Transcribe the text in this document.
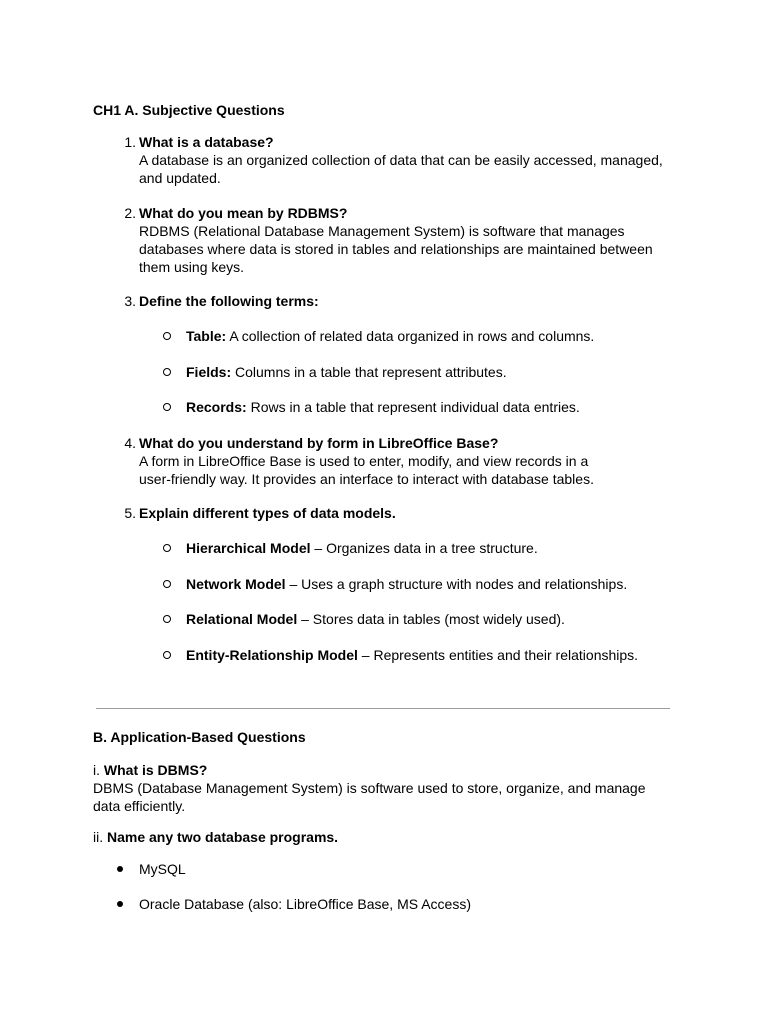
CH1 A. Subjective Questions
1. What is a database?
A database is an organized collection of data that can be easily accessed, managed, and updated.
2. What do you mean by RDBMS?
RDBMS (Relational Database Management System) is software that manages databases where data is stored in tables and relationships are maintained between them using keys.
3. Define the following terms:
Table: A collection of related data organized in rows and columns.
Fields: Columns in a table that represent attributes.
Records: Rows in a table that represent individual data entries.
4. What do you understand by form in LibreOffice Base?
A form in LibreOffice Base is used to enter, modify, and view records in a user-friendly way. It provides an interface to interact with database tables.
5. Explain different types of data models.
Hierarchical Model – Organizes data in a tree structure.
Network Model – Uses a graph structure with nodes and relationships.
Relational Model – Stores data in tables (most widely used).
Entity-Relationship Model – Represents entities and their relationships.
B. Application-Based Questions
i. What is DBMS?
DBMS (Database Management System) is software used to store, organize, and manage data efficiently.
ii. Name any two database programs.
MySQL
Oracle Database (also: LibreOffice Base, MS Access)
